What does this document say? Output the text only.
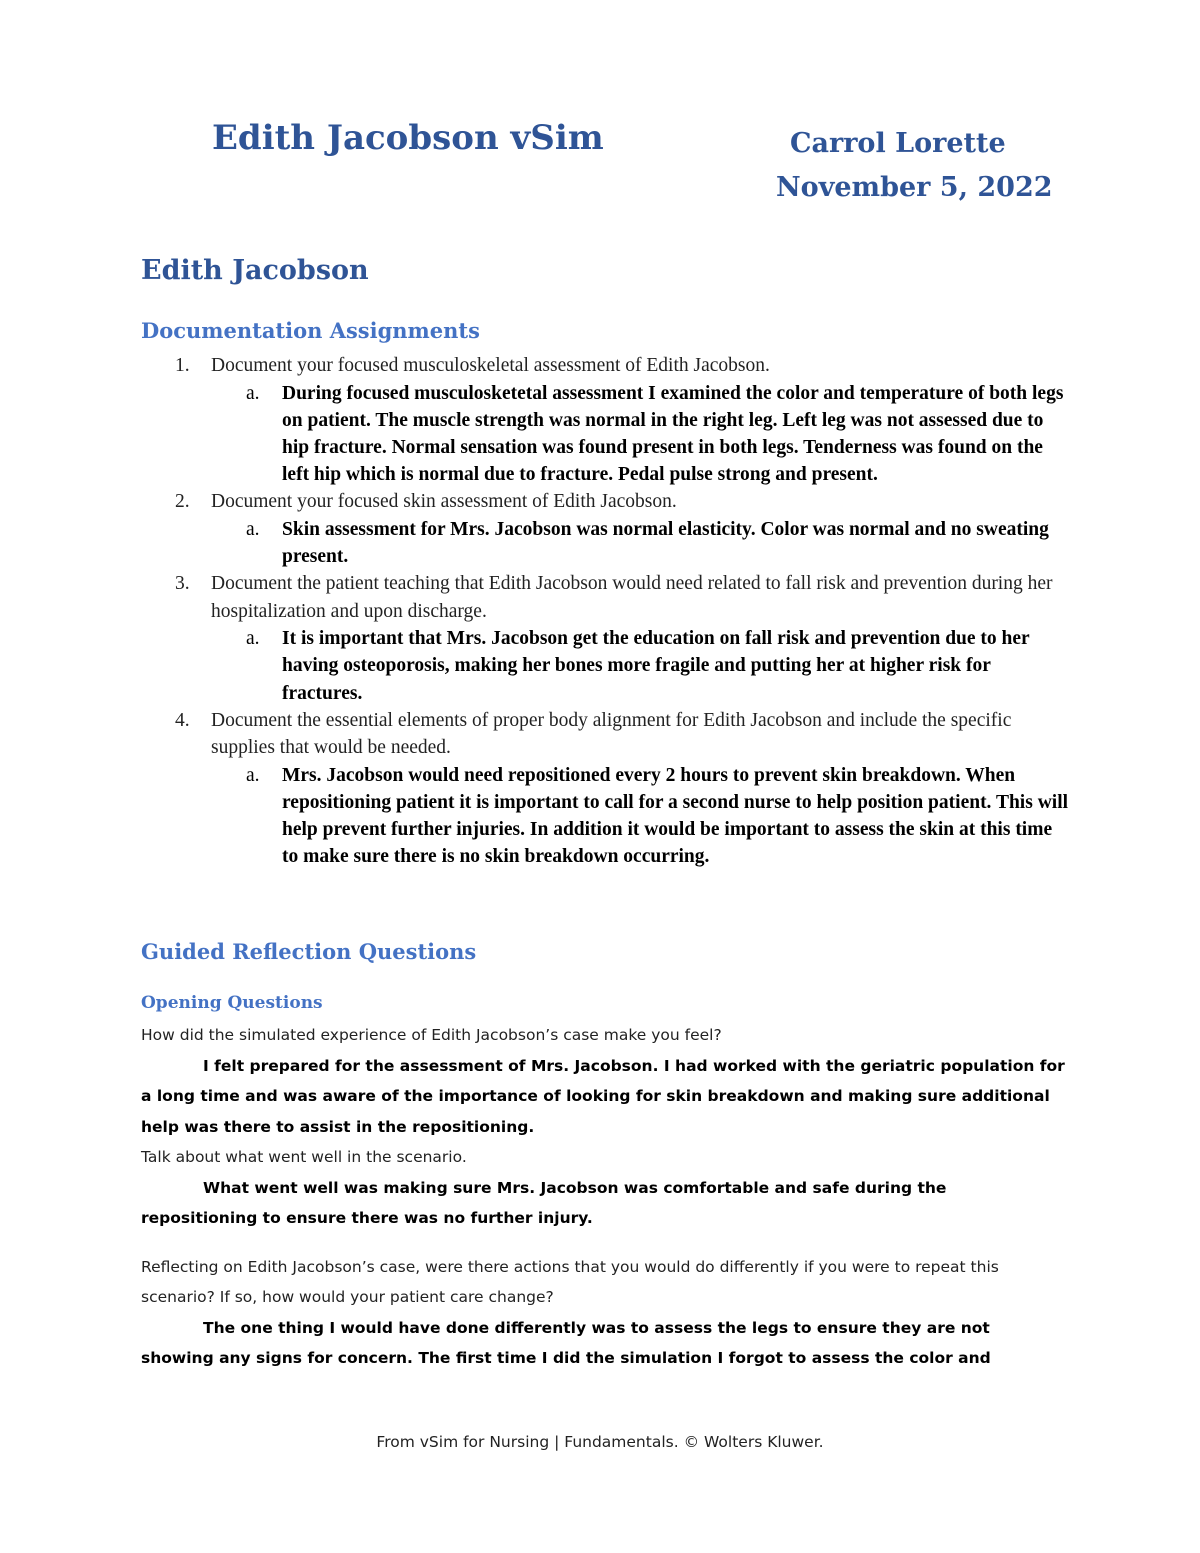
Edith Jacobson vSim	Carrol Lorette
November 5, 2022
Edith Jacobson
Documentation Assignments
1. Document your focused musculoskeletal assessment of Edith Jacobson.
a. During focused musculosketetal assessment I examined the color and temperature of both legs on patient. The muscle strength was normal in the right leg. Left leg was not assessed due to hip fracture. Normal sensation was found present in both legs. Tenderness was found on the left hip which is normal due to fracture. Pedal pulse strong and present.
2. Document your focused skin assessment of Edith Jacobson.
a. Skin assessment for Mrs. Jacobson was normal elasticity. Color was normal and no sweating present.
3. Document the patient teaching that Edith Jacobson would need related to fall risk and prevention during her hospitalization and upon discharge.
a. It is important that Mrs. Jacobson get the education on fall risk and prevention due to her having osteoporosis, making her bones more fragile and putting her at higher risk for fractures.
4. Document the essential elements of proper body alignment for Edith Jacobson and include the specific supplies that would be needed.
a. Mrs. Jacobson would need repositioned every 2 hours to prevent skin breakdown. When repositioning patient it is important to call for a second nurse to help position patient. This will help prevent further injuries. In addition it would be important to assess the skin at this time to make sure there is no skin breakdown occurring.
Guided Reflection Questions
Opening Questions
How did the simulated experience of Edith Jacobson’s case make you feel?
I felt prepared for the assessment of Mrs. Jacobson. I had worked with the geriatric population for a long time and was aware of the importance of looking for skin breakdown and making sure additional help was there to assist in the repositioning.
Talk about what went well in the scenario.
What went well was making sure Mrs. Jacobson was comfortable and safe during the repositioning to ensure there was no further injury.
Reflecting on Edith Jacobson’s case, were there actions that you would do differently if you were to repeat this scenario? If so, how would your patient care change?
The one thing I would have done differently was to assess the legs to ensure they are not showing any signs for concern. The first time I did the simulation I forgot to assess the color and
From vSim for Nursing | Fundamentals. © Wolters Kluwer.
